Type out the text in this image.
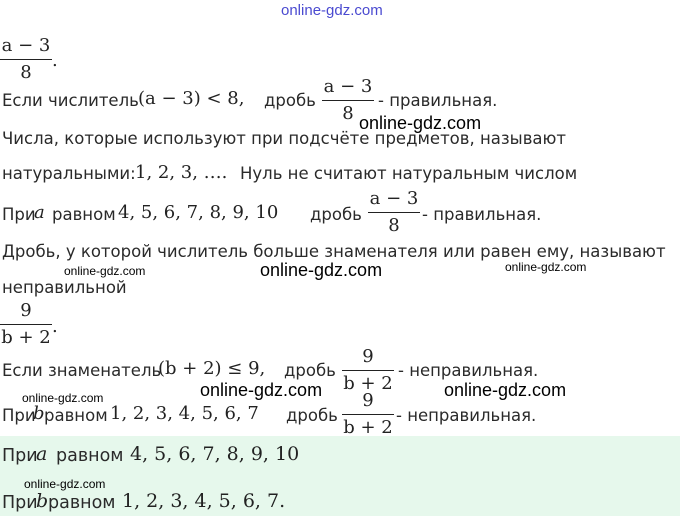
online-gdz.com
a − 3
8
.
Если числитель (a − 3) < 8, дробь
a − 3
8
- правильная.
online-gdz.com
Числа, которые используют при подсчёте предметов, называют
натуральными: 1, 2, 3, …. Нуль не считают натуральным числом
При
a равном 4, 5, 6, 7, 8, 9, 10 дробь
a − 3
8
- правильная.
Дробь, у которой числитель больше знаменателя или равен ему, называют
online-gdz.com	online-gdz.com	online-gdz.com
неправильной
9
b + 2
.
Если знаменатель
(b + 2) ≤ 9, дробь
9
b + 2
- неправильная.
online-gdz.com	online-gdz.com	online-gdz.com
При
b равном 1, 2, 3, 4, 5, 6, 7 дробь
9
b + 2
- неправильная.
При
a равном 4, 5, 6, 7, 8, 9, 10
online-gdz.com
При
b равном 1, 2, 3, 4, 5, 6, 7.
